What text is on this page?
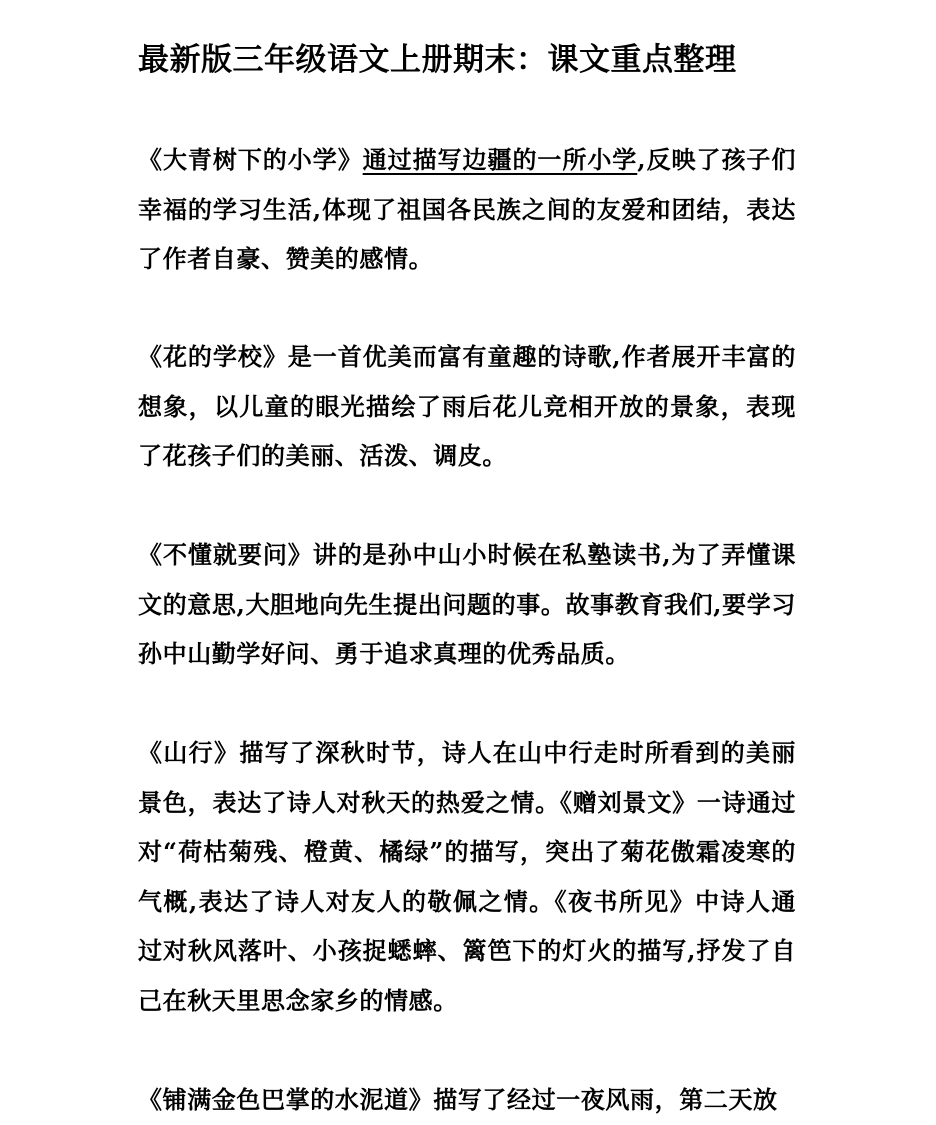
最新版三年级语文上册期末：课文重点整理
《大青树下的小学》通过描写边疆的一所小学,反映了孩子们幸福的学习生活,体现了祖国各民族之间的友爱和团结，表达了作者自豪、赞美的感情。
《花的学校》是一首优美而富有童趣的诗歌,作者展开丰富的想象，以儿童的眼光描绘了雨后花儿竞相开放的景象，表现了花孩子们的美丽、活泼、调皮。
《不懂就要问》讲的是孙中山小时候在私塾读书,为了弄懂课文的意思,大胆地向先生提出问题的事。故事教育我们,要学习孙中山勤学好问、勇于追求真理的优秀品质。
《山行》描写了深秋时节，诗人在山中行走时所看到的美丽景色，表达了诗人对秋天的热爱之情。《赠刘景文》一诗通过对“荷枯菊残、橙黄、橘绿”的描写，突出了菊花傲霜凌寒的气概,表达了诗人对友人的敬佩之情。《夜书所见》中诗人通过对秋风落叶、小孩捉蟋蟀、篱笆下的灯火的描写,抒发了自己在秋天里思念家乡的情感。
《铺满金色巴掌的水泥道》描写了经过一夜风雨，第二天放
